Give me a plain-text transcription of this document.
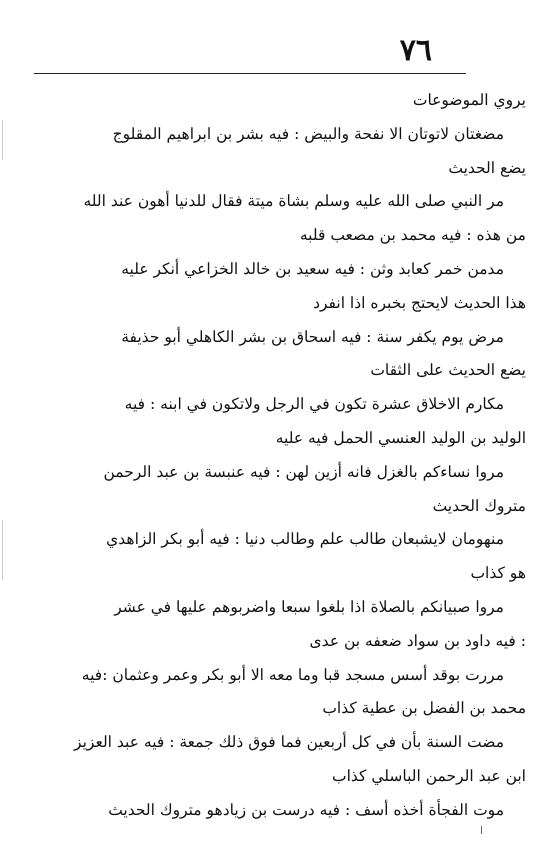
٧٦
يروي الموضوعات
مضغتان لاتوتان الا نفحة والبيض : فيه بشر بن ابراهيم المقلوج
يضع الحديث
مر النبي صلى الله عليه وسلم بشاة ميتة فقال للدنيا أهون عند الله
من هذه : فيه محمد بن مصعب قلبه
مدمن خمر كعابد وثن : فيه سعيد بن خالد الخزاعي أنكر عليه
هذا الحديث لايحتج بخبره اذا انفرد
مرض يوم يكفر سنة : فيه اسحاق بن بشر الكاهلي أبو حذيفة
يضع الحديث على الثقات
مكارم الاخلاق عشرة تكون في الرجل ولاتكون في ابنه : فيه
الوليد بن الوليد العنسي الحمل فيه عليه
مروا نساءكم بالغزل فانه أزين لهن : فيه عنبسة بن عبد الرحمن
متروك الحديث
منهومان لايشبعان طالب علم وطالب دنيا : فيه أبو بكر الزاهدي
هو كذاب
مروا صبيانكم بالصلاة اذا بلغوا سبعا واضربوهم عليها في عشر
: فيه داود بن سواد ضعفه بن عدى
مررت بوقد أسس مسجد قبا وما معه الا أبو بكر وعمر وعثمان :فيه
محمد بن الفضل بن عطية كذاب
مضت السنة بأن في كل أربعين فما فوق ذلك جمعة : فيه عبد العزيز
ابن عبد الرحمن الباسلي كذاب
موت الفجأة أخذه أسف : فيه درست بن زيادهو متروك الحديث
